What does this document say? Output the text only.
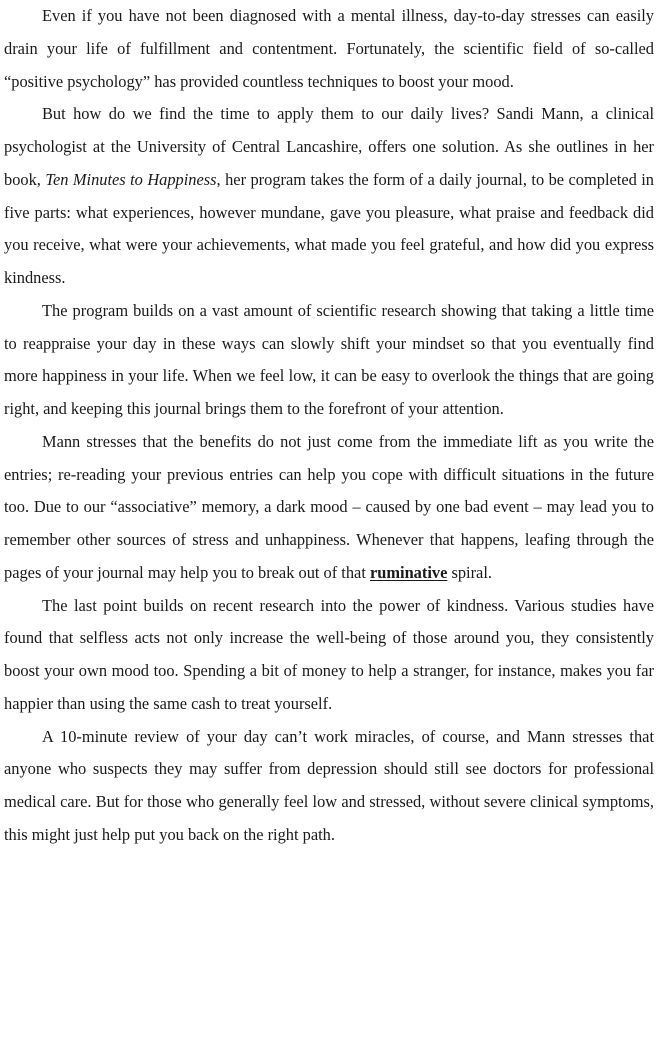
Even if you have not been diagnosed with a mental illness, day-to-day stresses can easily drain your life of fulfillment and contentment. Fortunately, the scientific field of so-called “positive psychology” has provided countless techniques to boost your mood.

But how do we find the time to apply them to our daily lives? Sandi Mann, a clinical psychologist at the University of Central Lancashire, offers one solution. As she outlines in her book, Ten Minutes to Happiness, her program takes the form of a daily journal, to be completed in five parts: what experiences, however mundane, gave you pleasure, what praise and feedback did you receive, what were your achievements, what made you feel grateful, and how did you express kindness.

The program builds on a vast amount of scientific research showing that taking a little time to reappraise your day in these ways can slowly shift your mindset so that you eventually find more happiness in your life. When we feel low, it can be easy to overlook the things that are going right, and keeping this journal brings them to the forefront of your attention.

Mann stresses that the benefits do not just come from the immediate lift as you write the entries; re-reading your previous entries can help you cope with difficult situations in the future too. Due to our “associative” memory, a dark mood – caused by one bad event – may lead you to remember other sources of stress and unhappiness. Whenever that happens, leafing through the pages of your journal may help you to break out of that ruminative spiral.

The last point builds on recent research into the power of kindness. Various studies have found that selfless acts not only increase the well-being of those around you, they consistently boost your own mood too. Spending a bit of money to help a stranger, for instance, makes you far happier than using the same cash to treat yourself.

A 10-minute review of your day can’t work miracles, of course, and Mann stresses that anyone who suspects they may suffer from depression should still see doctors for professional medical care. But for those who generally feel low and stressed, without severe clinical symptoms, this might just help put you back on the right path.
